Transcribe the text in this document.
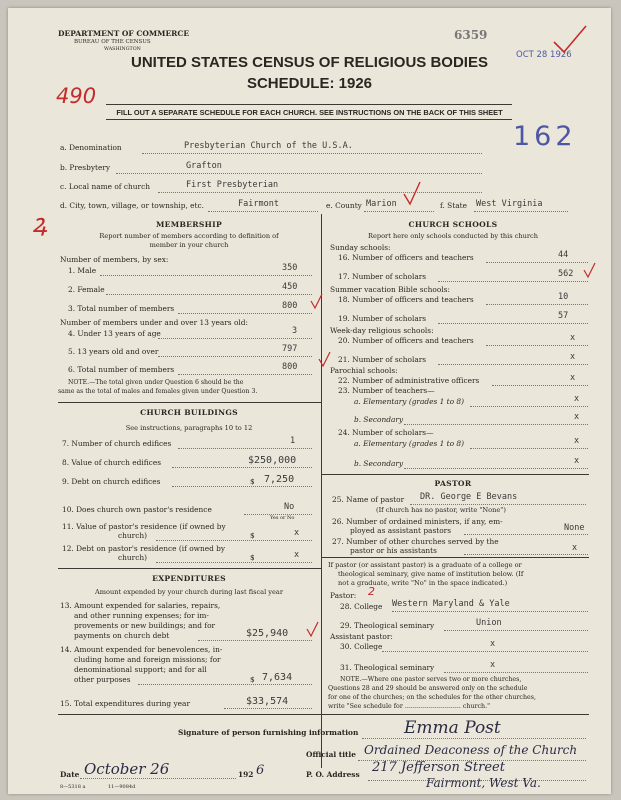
DEPARTMENT OF COMMERCE
BUREAU OF THE CENSUS
WASHINGTON
6359
OCT 28 1926
UNITED STATES CENSUS OF RELIGIOUS BODIES
SCHEDULE: 1926
490
FILL OUT A SEPARATE SCHEDULE FOR EACH CHURCH. SEE INSTRUCTIONS ON THE BACK OF THIS SHEET
162
a. Denomination	Presbyterian Church of the U.S.A.
b. Presbytery	Grafton
c. Local name of church	First Presbyterian
d. City, town, village, or township, etc.	Fairmont	e. County Marion	f. State West Virginia
ꝝ	MEMBERSHIP
Report number of members according to definition of
member in your church
Number of members, by sex:
1. Male	350
2. Female	450
3. Total number of members	800
Number of members under and over 13 years old:
4. Under 13 years of age	3
5. 13 years old and over	797
6. Total number of members	800
NOTE.—The total given under Question 6 should be the
same as the total of males and females given under Question 3.
CHURCH BUILDINGS
See instructions, paragraphs 10 to 12
7. Number of church edifices	1
8. Value of church edifices	$250,000
9. Debt on church edifices	$ 7,250
10. Does church own pastor's residence	No
Yes or No
11. Value of pastor's residence (if owned by
church)	$	x
12. Debt on pastor's residence (if owned by
church)	$	x
EXPENDITURES
Amount expended by your church during last fiscal year
13. Amount expended for salaries, repairs,
and other running expenses; for im-
provements or new buildings; and for
payments on church debt	$25,940
14. Amount expended for benevolences, in-
cluding home and foreign missions; for
denominational support; and for all
other purposes	$ 7,634
15. Total expenditures during year	$33,574
CHURCH SCHOOLS
Report here only schools conducted by this church
Sunday schools:
16. Number of officers and teachers	44
17. Number of scholars	562
Summer vacation Bible schools:
18. Number of officers and teachers	10
19. Number of scholars	57
Week-day religious schools:
20. Number of officers and teachers	x
21. Number of scholars	x
Parochial schools:
22. Number of administrative officers	x
23. Number of teachers—
a. Elementary (grades 1 to 8)	x
b. Secondary	x
24. Number of scholars—
a. Elementary (grades 1 to 8)	x
b. Secondary	x
PASTOR
25. Name of pastor DR. George E Bevans
(If church has no pastor, write "None")
26. Number of ordained ministers, if any, em-
ployed as assistant pastors	None
27. Number of other churches served by the
pastor or his assistants	x
If pastor (or assistant pastor) is a graduate of a college or
theological seminary, give name of institution below. (If
not a graduate, write "No" in the space indicated.)
Pastor: 2
28. College Western Maryland & Yale
29. Theological seminary	Union
Assistant pastor:
30. College	x
31. Theological seminary	x
NOTE.—Where one pastor serves two or more churches,
Questions 28 and 29 should be answered only on the schedule
for one of the churches; on the schedules for the other churches,
write "See schedule for ............................ church."
Signature of person furnishing information	Emma Post
Official title Ordained Deaconess of the Church
Date October 26	192 6	P. O. Address 217 Jefferson Street
Fairmont, West Va.
8—5318 a	11—9084d
